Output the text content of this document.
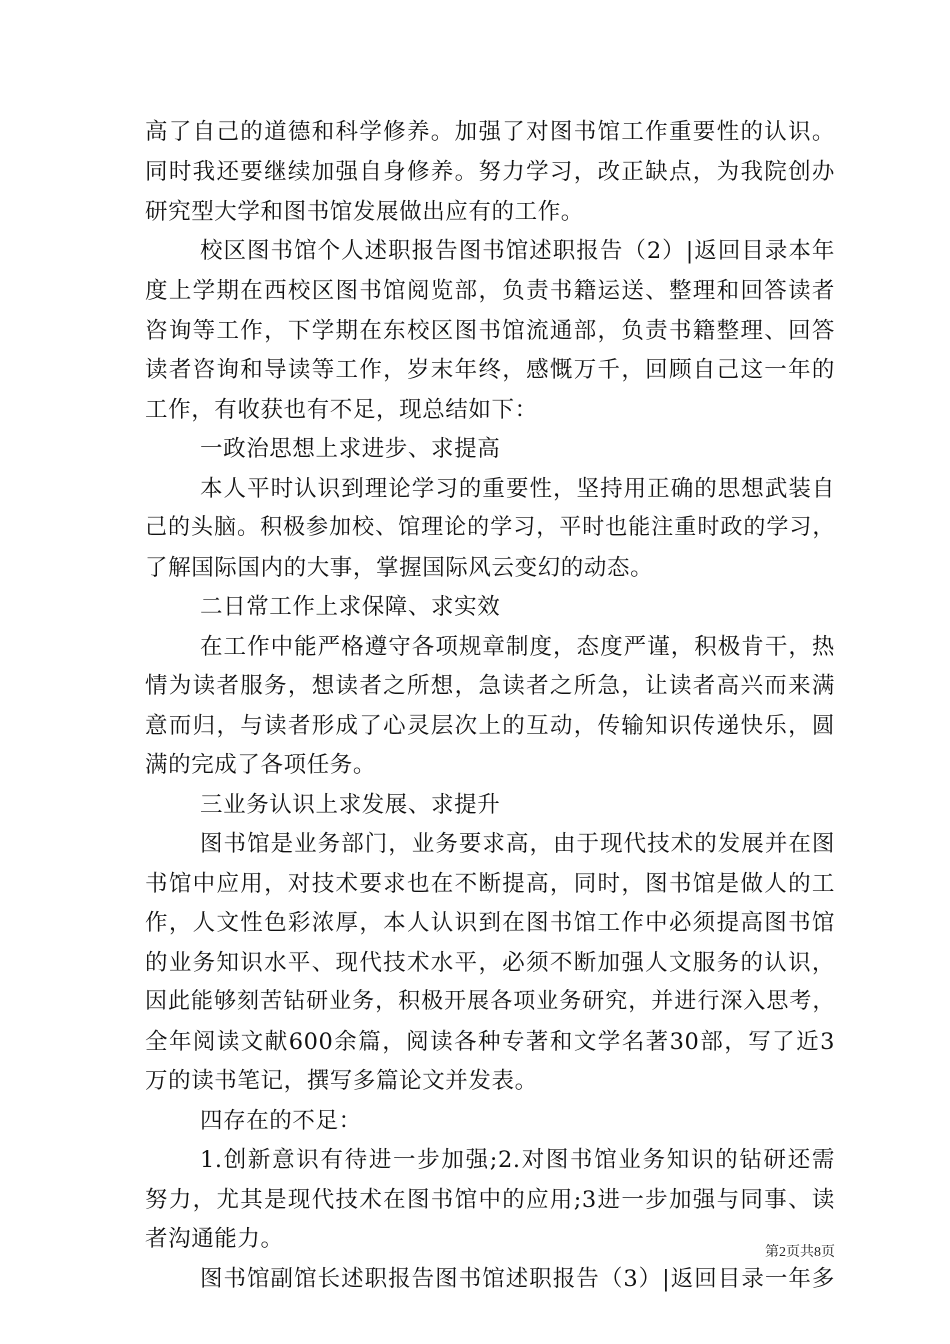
高了自己的道德和科学修养。加强了对图书馆工作重要性的认识。
同时我还要继续加强自身修养。努力学习，改正缺点，为我院创办
研究型大学和图书馆发展做出应有的工作。
校区图书馆个人述职报告图书馆述职报告（2）|返回目录本年
度上学期在西校区图书馆阅览部，负责书籍运送、整理和回答读者
咨询等工作，下学期在东校区图书馆流通部，负责书籍整理、回答
读者咨询和导读等工作，岁末年终，感慨万千，回顾自己这一年的
工作，有收获也有不足，现总结如下：
一政治思想上求进步、求提高
本人平时认识到理论学习的重要性，坚持用正确的思想武装自
己的头脑。积极参加校、馆理论的学习，平时也能注重时政的学习，
了解国际国内的大事，掌握国际风云变幻的动态。
二日常工作上求保障、求实效
在工作中能严格遵守各项规章制度，态度严谨，积极肯干，热
情为读者服务，想读者之所想，急读者之所急，让读者高兴而来满
意而归，与读者形成了心灵层次上的互动，传输知识传递快乐，圆
满的完成了各项任务。
三业务认识上求发展、求提升
图书馆是业务部门，业务要求高，由于现代技术的发展并在图
书馆中应用，对技术要求也在不断提高，同时，图书馆是做人的工
作，人文性色彩浓厚，本人认识到在图书馆工作中必须提高图书馆
的业务知识水平、现代技术水平，必须不断加强人文服务的认识，
因此能够刻苦钻研业务，积极开展各项业务研究，并进行深入思考，
全年阅读文献600余篇，阅读各种专著和文学名著30部，写了近3
万的读书笔记，撰写多篇论文并发表。
四存在的不足：
1.创新意识有待进一步加强;2.对图书馆业务知识的钻研还需
努力，尤其是现代技术在图书馆中的应用;3进一步加强与同事、读
者沟通能力。
图书馆副馆长述职报告图书馆述职报告（3）|返回目录一年多
第2页共8页
